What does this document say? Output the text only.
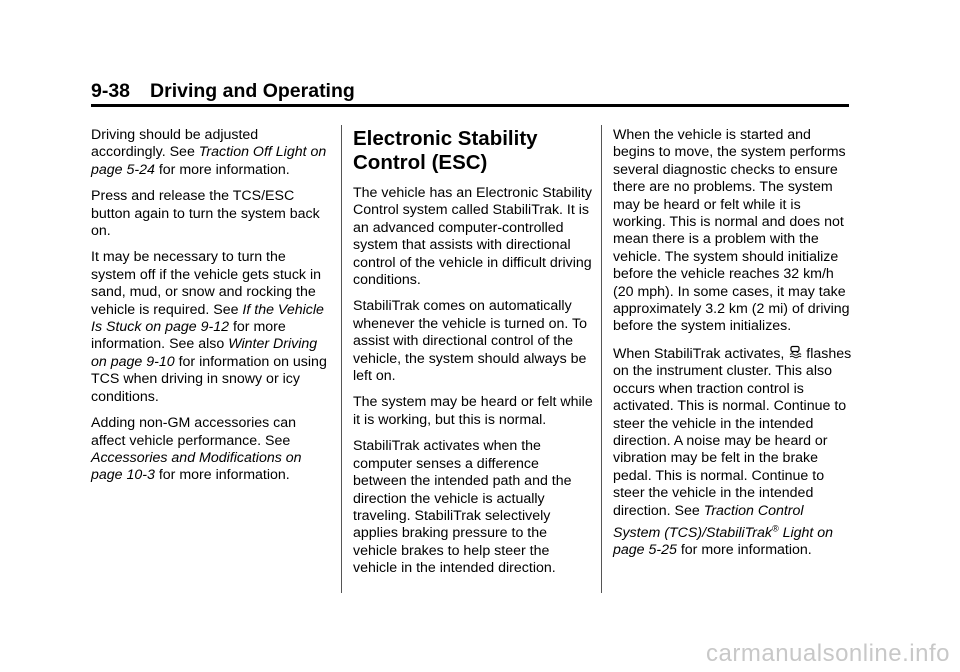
9-38 Driving and Operating

Driving should be adjusted accordingly. See Traction Off Light on page 5-24 for more information.

Press and release the TCS/ESC button again to turn the system back on.

It may be necessary to turn the system off if the vehicle gets stuck in sand, mud, or snow and rocking the vehicle is required. See If the Vehicle Is Stuck on page 9-12 for more information. See also Winter Driving on page 9-10 for information on using TCS when driving in snowy or icy conditions.

Adding non-GM accessories can affect vehicle performance. See Accessories and Modifications on page 10-3 for more information.

Electronic Stability Control (ESC)

The vehicle has an Electronic Stability Control system called StabiliTrak. It is an advanced computer-controlled system that assists with directional control of the vehicle in difficult driving conditions.

StabiliTrak comes on automatically whenever the vehicle is turned on. To assist with directional control of the vehicle, the system should always be left on.

The system may be heard or felt while it is working, but this is normal.

StabiliTrak activates when the computer senses a difference between the intended path and the direction the vehicle is actually traveling. StabiliTrak selectively applies braking pressure to the vehicle brakes to help steer the vehicle in the intended direction.

When the vehicle is started and begins to move, the system performs several diagnostic checks to ensure there are no problems. The system may be heard or felt while it is working. This is normal and does not mean there is a problem with the vehicle. The system should initialize before the vehicle reaches 32 km/h (20 mph). In some cases, it may take approximately 3.2 km (2 mi) of driving before the system initializes.

When StabiliTrak activates,  flashes on the instrument cluster. This also occurs when traction control is activated. This is normal. Continue to steer the vehicle in the intended direction. A noise may be heard or vibration may be felt in the brake pedal. This is normal. Continue to steer the vehicle in the intended direction. See Traction Control System (TCS)/StabiliTrak® Light on page 5-25 for more information.

carmanualsonline.info
